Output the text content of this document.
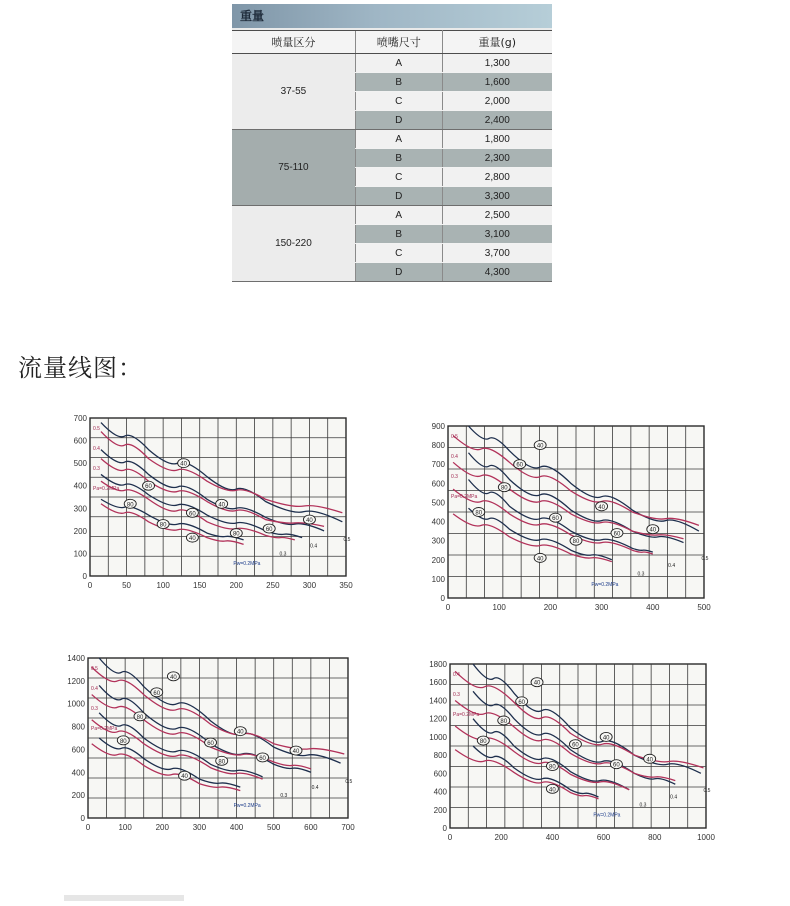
重量
喷量区分	喷嘴尺寸	重量(g)
37-55	A	1,300
	B	1,600
	C	2,000
	D	2,400
75-110	A	1,800
	B	2,300
	C	2,800
	D	3,300
150-220	A	2,500
	B	3,100
	C	3,700
	D	4,300
流量线图：
0	50	100	150	200	250	300	350
0
100
200
300
400
500
600
700
40
60
80	40
60
80
40
60
80
40
Pw=0.2MPa
0.3
0.4
0.5
0.5
0.4
0.3
Pa=0.2MPa
0	100	200	300	400	500
0
100
200
300
400
500
600
700
800
900
40
60
80
40
60
80
40
60
80
40
Pw=0.2MPa
0.3
0.4
0.5
0.5
0.4
0.3
Pa=0.2MPa
0	100	200	300	400	500	600	700
0
200
400
600
800
1000
1200
1400
40
60
80
40
60
80
40
60
80
40
Pw=0.2MPa
0.3
0.4
0.5
0.5
0.4
0.3
Pa=0.2MPa
0	200	400	600	800	1000
0
200
400
600
800
1000
1200
1400
1600
1800
40
60
80
40
60
80
40
60
80
40
Pw=0.2MPa
0.3
0.4
0.5
0.4
0.3
Pa=0.2MPa
